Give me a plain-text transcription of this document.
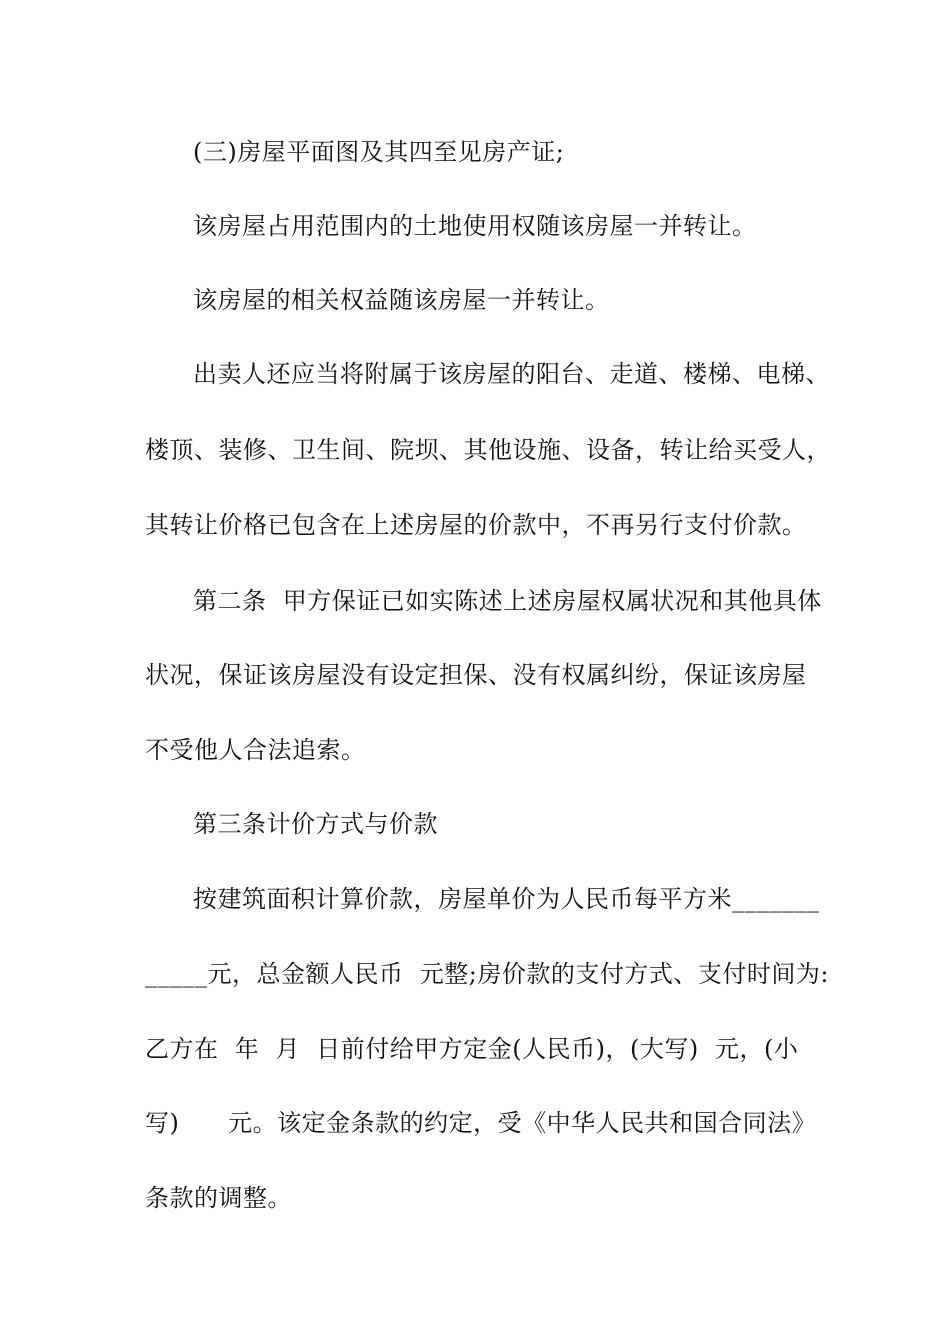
(三)房屋平面图及其四至见房产证;
该房屋占用范围内的土地使用权随该房屋一并转让。
该房屋的相关权益随该房屋一并转让。
出卖人还应当将附属于该房屋的阳台、走道、楼梯、电梯、
楼顶、装修、卫生间、院坝、其他设施、设备，转让给买受人，
其转让价格已包含在上述房屋的价款中，不再另行支付价款。
第二条  甲方保证已如实陈述上述房屋权属状况和其他具体
状况，保证该房屋没有设定担保、没有权属纠纷，保证该房屋
不受他人合法追索。
第三条计价方式与价款
按建筑面积计算价款，房屋单价为人民币每平方米_______
_____元，总金额人民币  元整;房价款的支付方式、支付时间为:
乙方在  年  月  日前付给甲方定金(人民币)，(大写)  元，(小
写)      元。该定金条款的约定，受《中华人民共和国合同法》
条款的调整。
